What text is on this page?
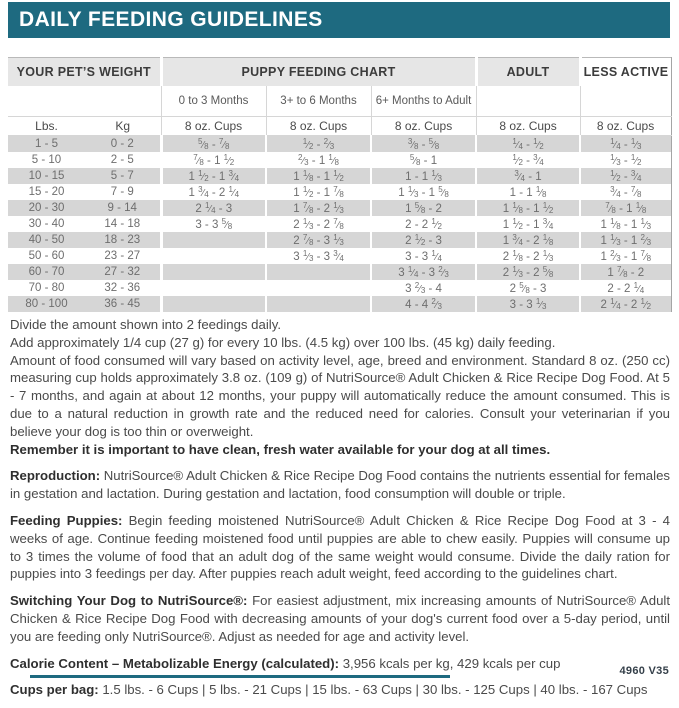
DAILY FEEDING GUIDELINES
YOUR PET’S WEIGHT		PUPPY FEEDING CHART			ADULT	LESS ACTIVE
		0 to 3 Months	3+ to 6 Months	6+ Months to Adult		
Lbs.	Kg	8 oz. Cups	8 oz. Cups	8 oz. Cups	8 oz. Cups	8 oz. Cups
1 - 5	0 - 2	$^5$⁄8 - $^7$⁄8	$^1$⁄2 - $^2$⁄3	$^3$⁄8 - $^5$⁄8	$^1$⁄4 - $^1$⁄2	$^1$⁄4 - $^1$⁄3
5 - 10	2 - 5	$^7$⁄8 - 1 $^1$⁄2	$^2$⁄3 - 1 $^1$⁄8	$^5$⁄8 - 1	$^1$⁄2 - $^3$⁄4	$^1$⁄3 - $^1$⁄2
10 - 15	5 - 7	1 $^1$⁄2 - 1 $^3$⁄4	1 $^1$⁄8 - 1 $^1$⁄2	1 - 1 $^1$⁄3	$^3$⁄4 - 1	$^1$⁄2 - $^3$⁄4
15 - 20	7 - 9	1 $^3$⁄4 - 2 $^1$⁄4	1 $^1$⁄2 - 1 $^7$⁄8	1 $^1$⁄3 - 1 $^5$⁄8	1 - 1 $^1$⁄8	$^3$⁄4 - $^7$⁄8
20 - 30	9 - 14	2 $^1$⁄4 - 3	1 $^7$⁄8 - 2 $^1$⁄3	1 $^5$⁄8 - 2	1 $^1$⁄8 - 1 $^1$⁄2	$^7$⁄8 - 1 $^1$⁄8
30 - 40	14 - 18	3 - 3 $^5$⁄8	2 $^1$⁄3 - 2 $^7$⁄8	2 - 2 $^1$⁄2	1 $^1$⁄2 - 1 $^3$⁄4	1 $^1$⁄8 - 1 $^1$⁄3
40 - 50	18 - 23		2 $^7$⁄8 - 3 $^1$⁄3	2 $^1$⁄2 - 3	1 $^3$⁄4 - 2 $^1$⁄8	1 $^1$⁄3 - 1 $^2$⁄3
50 - 60	23 - 27		3 $^1$⁄3 - 3 $^3$⁄4	3 - 3 $^1$⁄4	2 $^1$⁄8 - 2 $^1$⁄3	1 $^2$⁄3 - 1 $^7$⁄8
60 - 70	27 - 32			3 $^1$⁄4 - 3 $^2$⁄3	2 $^1$⁄3 - 2 $^5$⁄8	1 $^7$⁄8 - 2
70 - 80	32 - 36			3 $^2$⁄3 - 4	2 $^5$⁄8 - 3	2 - 2 $^1$⁄4
80 - 100	36 - 45			4 - 4 $^2$⁄3	3 - 3 $^1$⁄3	2 $^1$⁄4 - 2 $^1$⁄2

Divide the amount shown into 2 feedings daily.
Add approximately 1/4 cup (27 g) for every 10 lbs. (4.5 kg) over 100 lbs. (45 kg) daily feeding.
Amount of food consumed will vary based on activity level, age, breed and environment. Standard 8 oz. (250 cc) measuring cup holds approximately 3.8 oz. (109 g) of NutriSource® Adult Chicken & Rice Recipe Dog Food. At 5 - 7 months, and again at about 12 months, your puppy will automatically reduce the amount consumed. This is due to a natural reduction in growth rate and the reduced need for calories. Consult your veterinarian if you believe your dog is too thin or overweight.
Remember it is important to have clean, fresh water available for your dog at all times.

Reproduction: NutriSource® Adult Chicken & Rice Recipe Dog Food contains the nutrients essential for females in gestation and lactation. During gestation and lactation, food consumption will double or triple.

Feeding Puppies: Begin feeding moistened NutriSource® Adult Chicken & Rice Recipe Dog Food at 3 - 4 weeks of age. Continue feeding moistened food until puppies are able to chew easily. Puppies will consume up to 3 times the volume of food that an adult dog of the same weight would consume. Divide the daily ration for puppies into 3 feedings per day. After puppies reach adult weight, feed according to the guidelines chart.

Switching Your Dog to NutriSource®: For easiest adjustment, mix increasing amounts of NutriSource® Adult Chicken & Rice Recipe Dog Food with decreasing amounts of your dog's current food over a 5-day period, until you are feeding only NutriSource®. Adjust as needed for age and activity level.

Calorie Content – Metabolizable Energy (calculated): 3,956 kcals per kg, 429 kcals per cup

Cups per bag: 1.5 lbs. - 6 Cups | 5 lbs. - 21 Cups | 15 lbs. - 63 Cups | 30 lbs. - 125 Cups | 40 lbs. - 167 Cups

4960 V35
